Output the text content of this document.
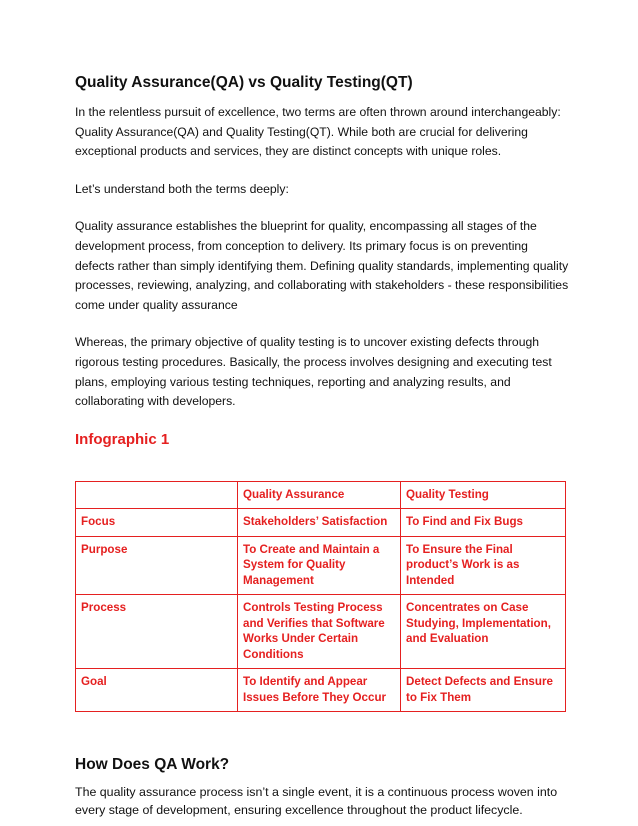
Quality Assurance(QA) vs Quality Testing(QT)

In the relentless pursuit of excellence, two terms are often thrown around interchangeably: Quality Assurance(QA) and Quality Testing(QT). While both are crucial for delivering exceptional products and services, they are distinct concepts with unique roles.

Let’s understand both the terms deeply:

Quality assurance establishes the blueprint for quality, encompassing all stages of the development process, from conception to delivery. Its primary focus is on preventing defects rather than simply identifying them. Defining quality standards, implementing quality processes, reviewing, analyzing, and collaborating with stakeholders - these responsibilities come under quality assurance

Whereas, the primary objective of quality testing is to uncover existing defects through rigorous testing procedures. Basically, the process involves designing and executing test plans, employing various testing techniques, reporting and analyzing results, and collaborating with developers.

Infographic 1
	Quality Assurance	Quality Testing
Focus	Stakeholders’ Satisfaction	To Find and Fix Bugs
Purpose	To Create and Maintain a System for Quality Management	To Ensure the Final product’s Work is as Intended
Process	Controls Testing Process and Verifies that Software Works Under Certain Conditions	Concentrates on Case Studying, Implementation, and Evaluation
Goal	To Identify and Appear Issues Before They Occur	Detect Defects and Ensure to Fix Them
How Does QA Work?

The quality assurance process isn’t a single event, it is a continuous process woven into every stage of development, ensuring excellence throughout the product lifecycle.
